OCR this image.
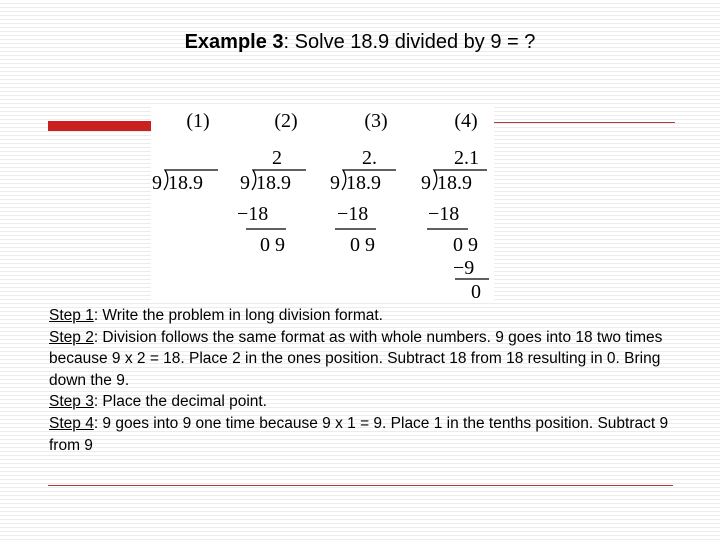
Example 3: Solve 18.9 divided by 9 = ?
(1)	(2)	(3)	(4)
9 18.9
2
9 18.9
−18
0 9
2.
9 18.9
−18
0 9
2.1
9 18.9
−18
0 9
−9
0

Step 1: Write the problem in long division format.

Step 2: Division follows the same format as with whole numbers. 9 goes into 18 two times because 9 x 2 = 18. Place 2 in the ones position. Subtract 18 from 18 resulting in 0. Bring down the 9.

Step 3: Place the decimal point.

Step 4: 9 goes into 9 one time because 9 x 1 = 9. Place 1 in the tenths position. Subtract 9 from 9
